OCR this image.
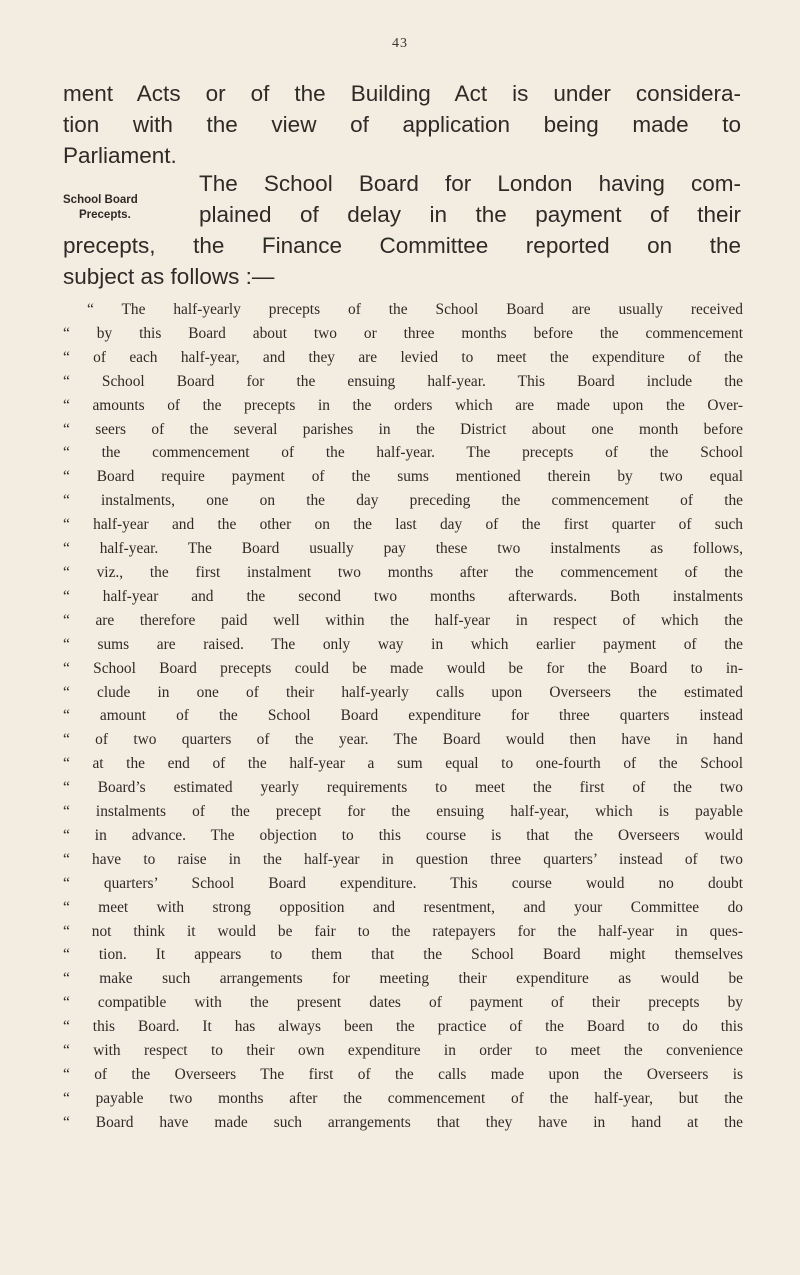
43
ment Acts or of the Building Act is under considera-
tion with the view of application being made to
Parliament.
School Board
Precepts.
The School Board for London having com-
plained of delay in the payment of their
precepts, the Finance Committee reported on the
subject as follows :—
“ The half-yearly precepts of the School Board are usually received
“ by this Board about two or three months before the commencement
“ of each half-year, and they are levied to meet the expenditure of the
“ School Board for the ensuing half-year. This Board include the
“ amounts of the precepts in the orders which are made upon the Over-
“ seers of the several parishes in the District about one month before
“ the commencement of the half-year. The precepts of the School
“ Board require payment of the sums mentioned therein by two equal
“ instalments, one on the day preceding the commencement of the
“ half-year and the other on the last day of the first quarter of such
“ half-year. The Board usually pay these two instalments as follows,
“ viz., the first instalment two months after the commencement of the
“ half-year and the second two months afterwards. Both instalments
“ are therefore paid well within the half-year in respect of which the
“ sums are raised. The only way in which earlier payment of the
“ School Board precepts could be made would be for the Board to in-
“ clude in one of their half-yearly calls upon Overseers the estimated
“ amount of the School Board expenditure for three quarters instead
“ of two quarters of the year. The Board would then have in hand
“ at the end of the half-year a sum equal to one-fourth of the School
“ Board’s estimated yearly requirements to meet the first of the two
“ instalments of the precept for the ensuing half-year, which is payable
“ in advance. The objection to this course is that the Overseers would
“ have to raise in the half-year in question three quarters’ instead of two
“ quarters’ School Board expenditure. This course would no doubt
“ meet with strong opposition and resentment, and your Committee do
“ not think it would be fair to the ratepayers for the half-year in ques-
“ tion. It appears to them that the School Board might themselves
“ make such arrangements for meeting their expenditure as would be
“ compatible with the present dates of payment of their precepts by
“ this Board. It has always been the practice of the Board to do this
“ with respect to their own expenditure in order to meet the convenience
“ of the Overseers The first of the calls made upon the Overseers is
“ payable two months after the commencement of the half-year, but the
“ Board have made such arrangements that they have in hand at the
